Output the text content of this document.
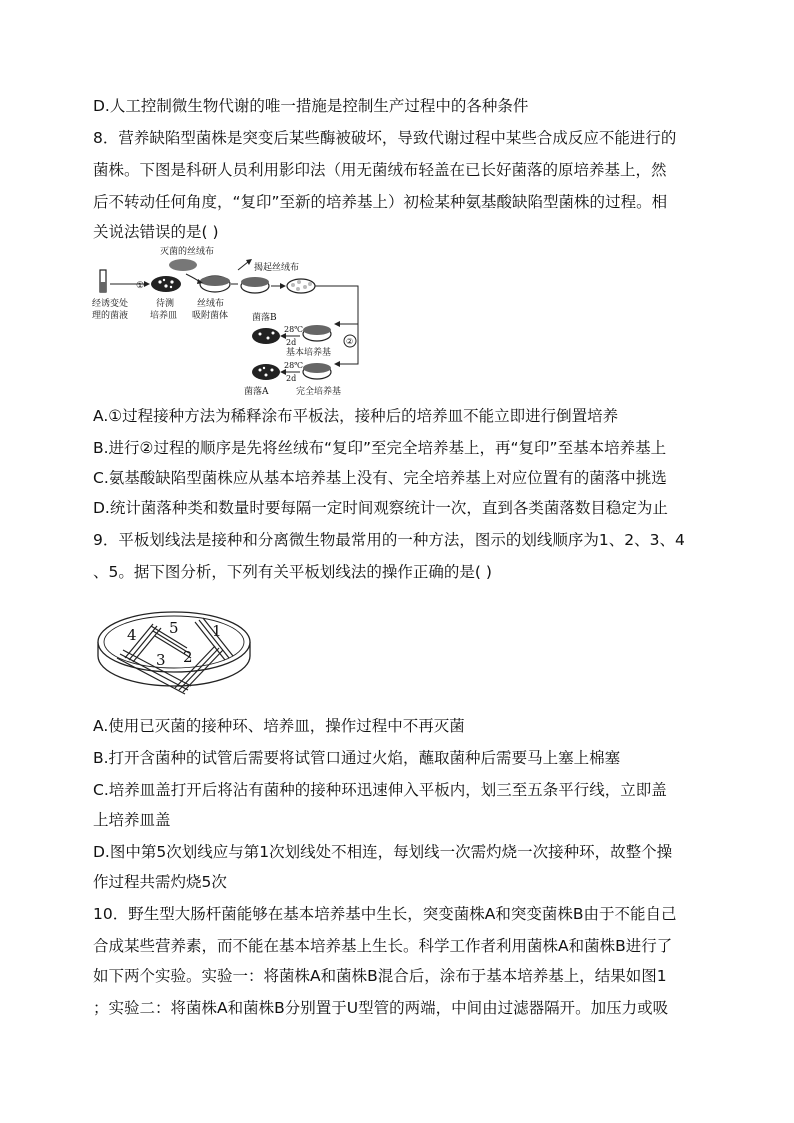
D.人工控制微生物代谢的唯一措施是控制生产过程中的各种条件
8．营养缺陷型菌株是突变后某些酶被破坏，导致代谢过程中某些合成反应不能进行的
菌株。下图是科研人员利用影印法（用无菌绒布轻盖在已长好菌落的原培养基上，然
后不转动任何角度，“复印”至新的培养基上）初检某种氨基酸缺陷型菌株的过程。相
关说法错误的是( )
①
经诱变处
理的菌液
待测
培养皿
灭菌的丝绒布
丝绒布
吸附菌体
揭起丝绒布
②
菌落B
28℃
2d
基本培养基
菌落A
28℃
2d
完全培养基
A.①过程接种方法为稀释涂布平板法，接种后的培养皿不能立即进行倒置培养
B.进行②过程的顺序是先将丝绒布“复印”至完全培养基上，再“复印”至基本培养基上
C.氨基酸缺陷型菌株应从基本培养基上没有、完全培养基上对应位置有的菌落中挑选
D.统计菌落种类和数量时要每隔一定时间观察统计一次，直到各类菌落数目稳定为止
9．平板划线法是接种和分离微生物最常用的一种方法，图示的划线顺序为1、2、3、4
、5。据下图分析，下列有关平板划线法的操作正确的是( )
1
2
3
4 5
A.使用已灭菌的接种环、培养皿，操作过程中不再灭菌
B.打开含菌种的试管后需要将试管口通过火焰，蘸取菌种后需要马上塞上棉塞
C.培养皿盖打开后将沾有菌种的接种环迅速伸入平板内，划三至五条平行线，立即盖
上培养皿盖
D.图中第5次划线应与第1次划线处不相连，每划线一次需灼烧一次接种环，故整个操
作过程共需灼烧5次
10．野生型大肠杆菌能够在基本培养基中生长，突变菌株A和突变菌株B由于不能自己
合成某些营养素，而不能在基本培养基上生长。科学工作者利用菌株A和菌株B进行了
如下两个实验。实验一：将菌株A和菌株B混合后，涂布于基本培养基上，结果如图1
；实验二：将菌株A和菌株B分别置于U型管的两端，中间由过滤器隔开。加压力或吸
